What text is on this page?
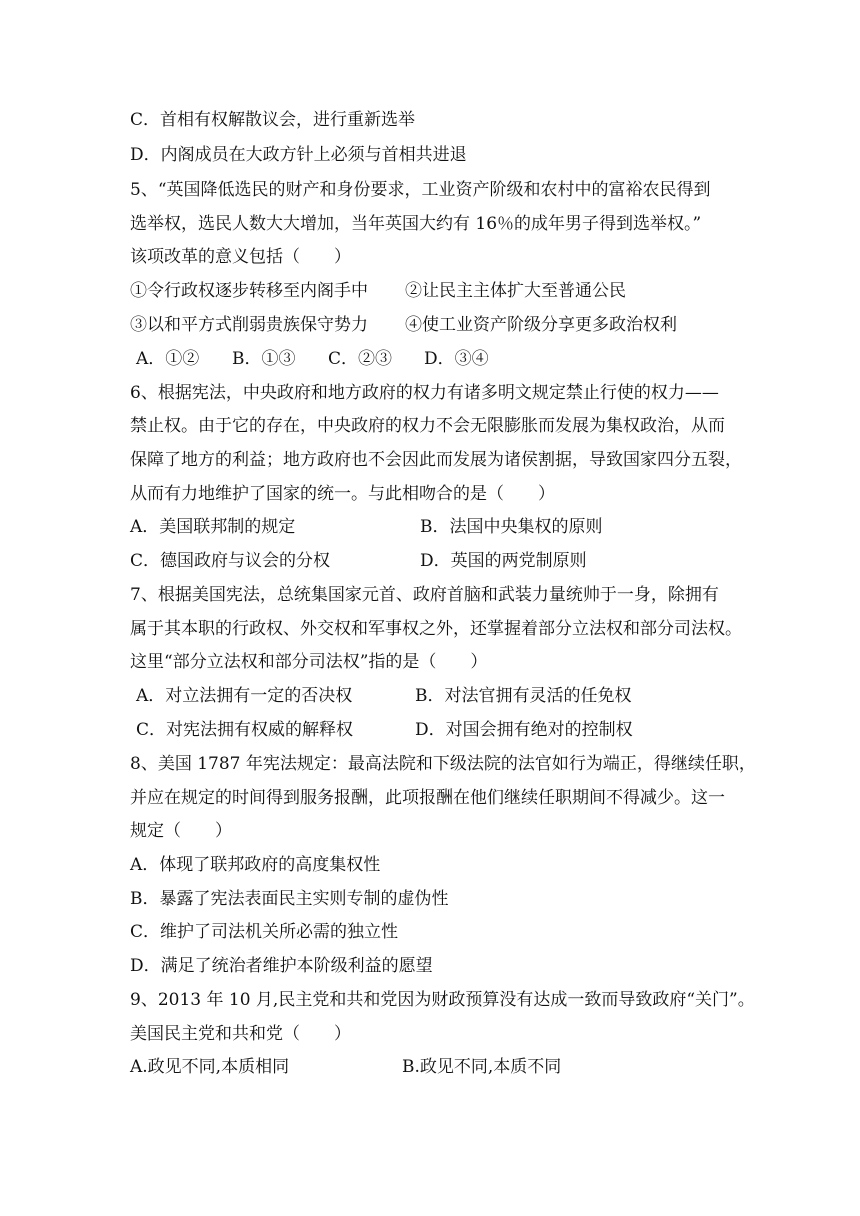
C．首相有权解散议会，进行重新选举
D．内阁成员在大政方针上必须与首相共进退
5、“英国降低选民的财产和身份要求，工业资产阶级和农村中的富裕农民得到
选举权，选民人数大大增加，当年英国大约有 16％的成年男子得到选举权。”
该项改革的意义包括（　　）
①令行政权逐步转移至内阁手中 ②让民主主体扩大至普通公民
③以和平方式削弱贵族保守势力 ④使工业资产阶级分享更多政治权利
A．①② B．①③ C．②③ D．③④
6、根据宪法，中央政府和地方政府的权力有诸多明文规定禁止行使的权力——
禁止权。由于它的存在，中央政府的权力不会无限膨胀而发展为集权政治，从而
保障了地方的利益；地方政府也不会因此而发展为诸侯割据，导致国家四分五裂，
从而有力地维护了国家的统一。与此相吻合的是（　　）
A．美国联邦制的规定	B．法国中央集权的原则
C．德国政府与议会的分权	D．英国的两党制原则
7、根据美国宪法，总统集国家元首、政府首脑和武装力量统帅于一身，除拥有
属于其本职的行政权、外交权和军事权之外，还掌握着部分立法权和部分司法权。
这里“部分立法权和部分司法权”指的是（　　）
A．对立法拥有一定的否决权	B．对法官拥有灵活的任免权
C．对宪法拥有权威的解释权	D．对国会拥有绝对的控制权
8、美国 1787 年宪法规定：最高法院和下级法院的法官如行为端正，得继续任职，
并应在规定的时间得到服务报酬，此项报酬在他们继续任职期间不得减少。这一
规定（　　）
A．体现了联邦政府的高度集权性
B．暴露了宪法表面民主实则专制的虚伪性
C．维护了司法机关所必需的独立性
D．满足了统治者维护本阶级利益的愿望
9、2013 年 10 月,民主党和共和党因为财政预算没有达成一致而导致政府“关门”。
美国民主党和共和党（　　）
A.政见不同,本质相同	B.政见不同,本质不同
